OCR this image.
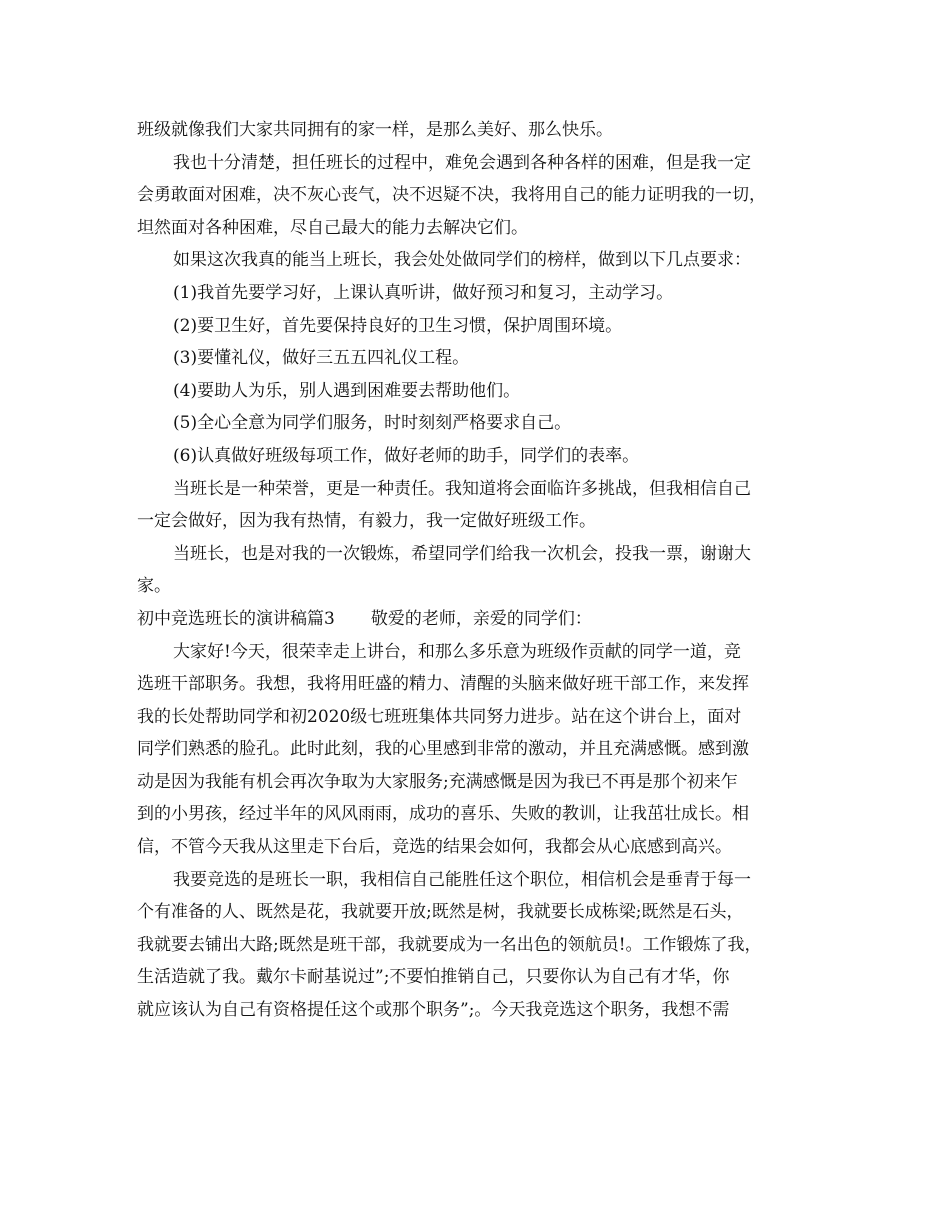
班级就像我们大家共同拥有的家一样，是那么美好、那么快乐。
我也十分清楚，担任班长的过程中，难免会遇到各种各样的困难，但是我一定
会勇敢面对困难，决不灰心丧气，决不迟疑不决，我将用自己的能力证明我的一切，
坦然面对各种困难，尽自己最大的能力去解决它们。
如果这次我真的能当上班长，我会处处做同学们的榜样，做到以下几点要求：
(1)我首先要学习好，上课认真听讲，做好预习和复习，主动学习。
(2)要卫生好，首先要保持良好的卫生习惯，保护周围环境。
(3)要懂礼仪，做好三五五四礼仪工程。
(4)要助人为乐，别人遇到困难要去帮助他们。
(5)全心全意为同学们服务，时时刻刻严格要求自己。
(6)认真做好班级每项工作，做好老师的助手，同学们的表率。
当班长是一种荣誉，更是一种责任。我知道将会面临许多挑战，但我相信自己
一定会做好，因为我有热情，有毅力，我一定做好班级工作。
当班长，也是对我的一次锻炼，希望同学们给我一次机会，投我一票，谢谢大
家。
初中竞选班长的演讲稿篇3 敬爱的老师，亲爱的同学们：
大家好!今天，很荣幸走上讲台，和那么多乐意为班级作贡献的同学一道，竞
选班干部职务。我想，我将用旺盛的精力、清醒的头脑来做好班干部工作，来发挥
我的长处帮助同学和初2020级七班班集体共同努力进步。站在这个讲台上，面对
同学们熟悉的脸孔。此时此刻，我的心里感到非常的激动，并且充满感慨。感到激
动是因为我能有机会再次争取为大家服务;充满感慨是因为我已不再是那个初来乍
到的小男孩，经过半年的风风雨雨，成功的喜乐、失败的教训，让我茁壮成长。相
信，不管今天我从这里走下台后，竞选的结果会如何，我都会从心底感到高兴。
我要竞选的是班长一职，我相信自己能胜任这个职位，相信机会是垂青于每一
个有准备的人、既然是花，我就要开放;既然是树，我就要长成栋梁;既然是石头，
我就要去铺出大路;既然是班干部，我就要成为一名出色的领航员!。工作锻炼了我，
生活造就了我。戴尔卡耐基说过”;不要怕推销自己，只要你认为自己有才华，你
就应该认为自己有资格提任这个或那个职务”;。今天我竞选这个职务，我想不需
